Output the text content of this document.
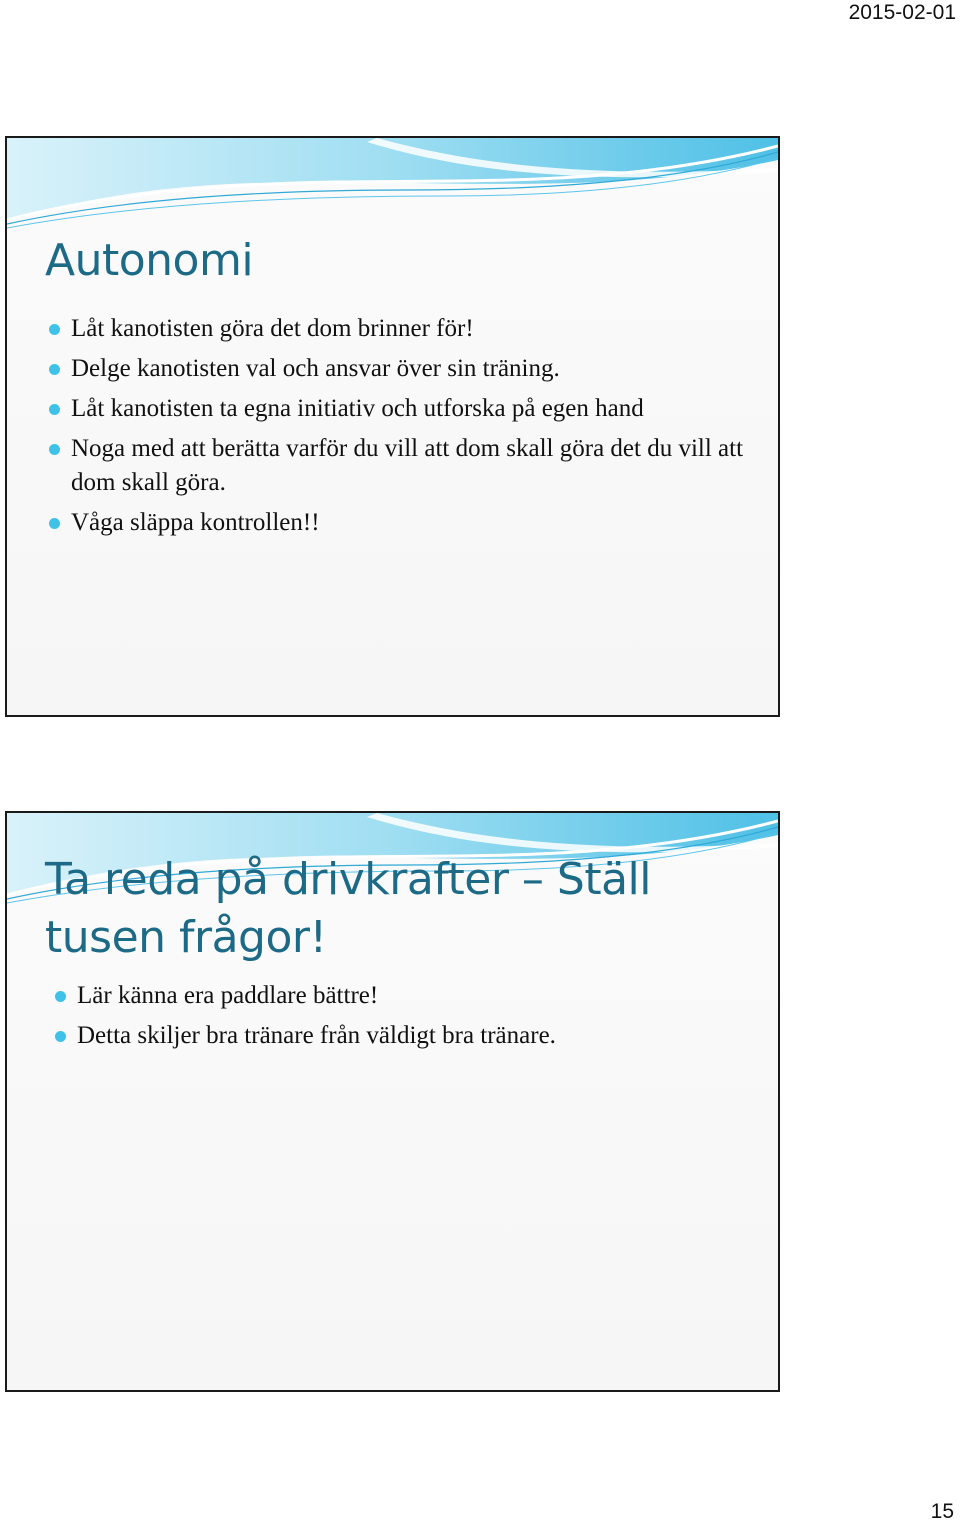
2015-02-01
Autonomi
Låt kanotisten göra det dom brinner för!
Delge kanotisten val och ansvar över sin träning.
Låt kanotisten ta egna initiativ och utforska på egen hand
Noga med att berätta varför du vill att dom skall göra det du vill att dom skall göra.
Våga släppa kontrollen!!
Ta reda på drivkrafter – Ställ tusen frågor!
Lär känna era paddlare bättre!
Detta skiljer bra tränare från väldigt bra tränare.
15
